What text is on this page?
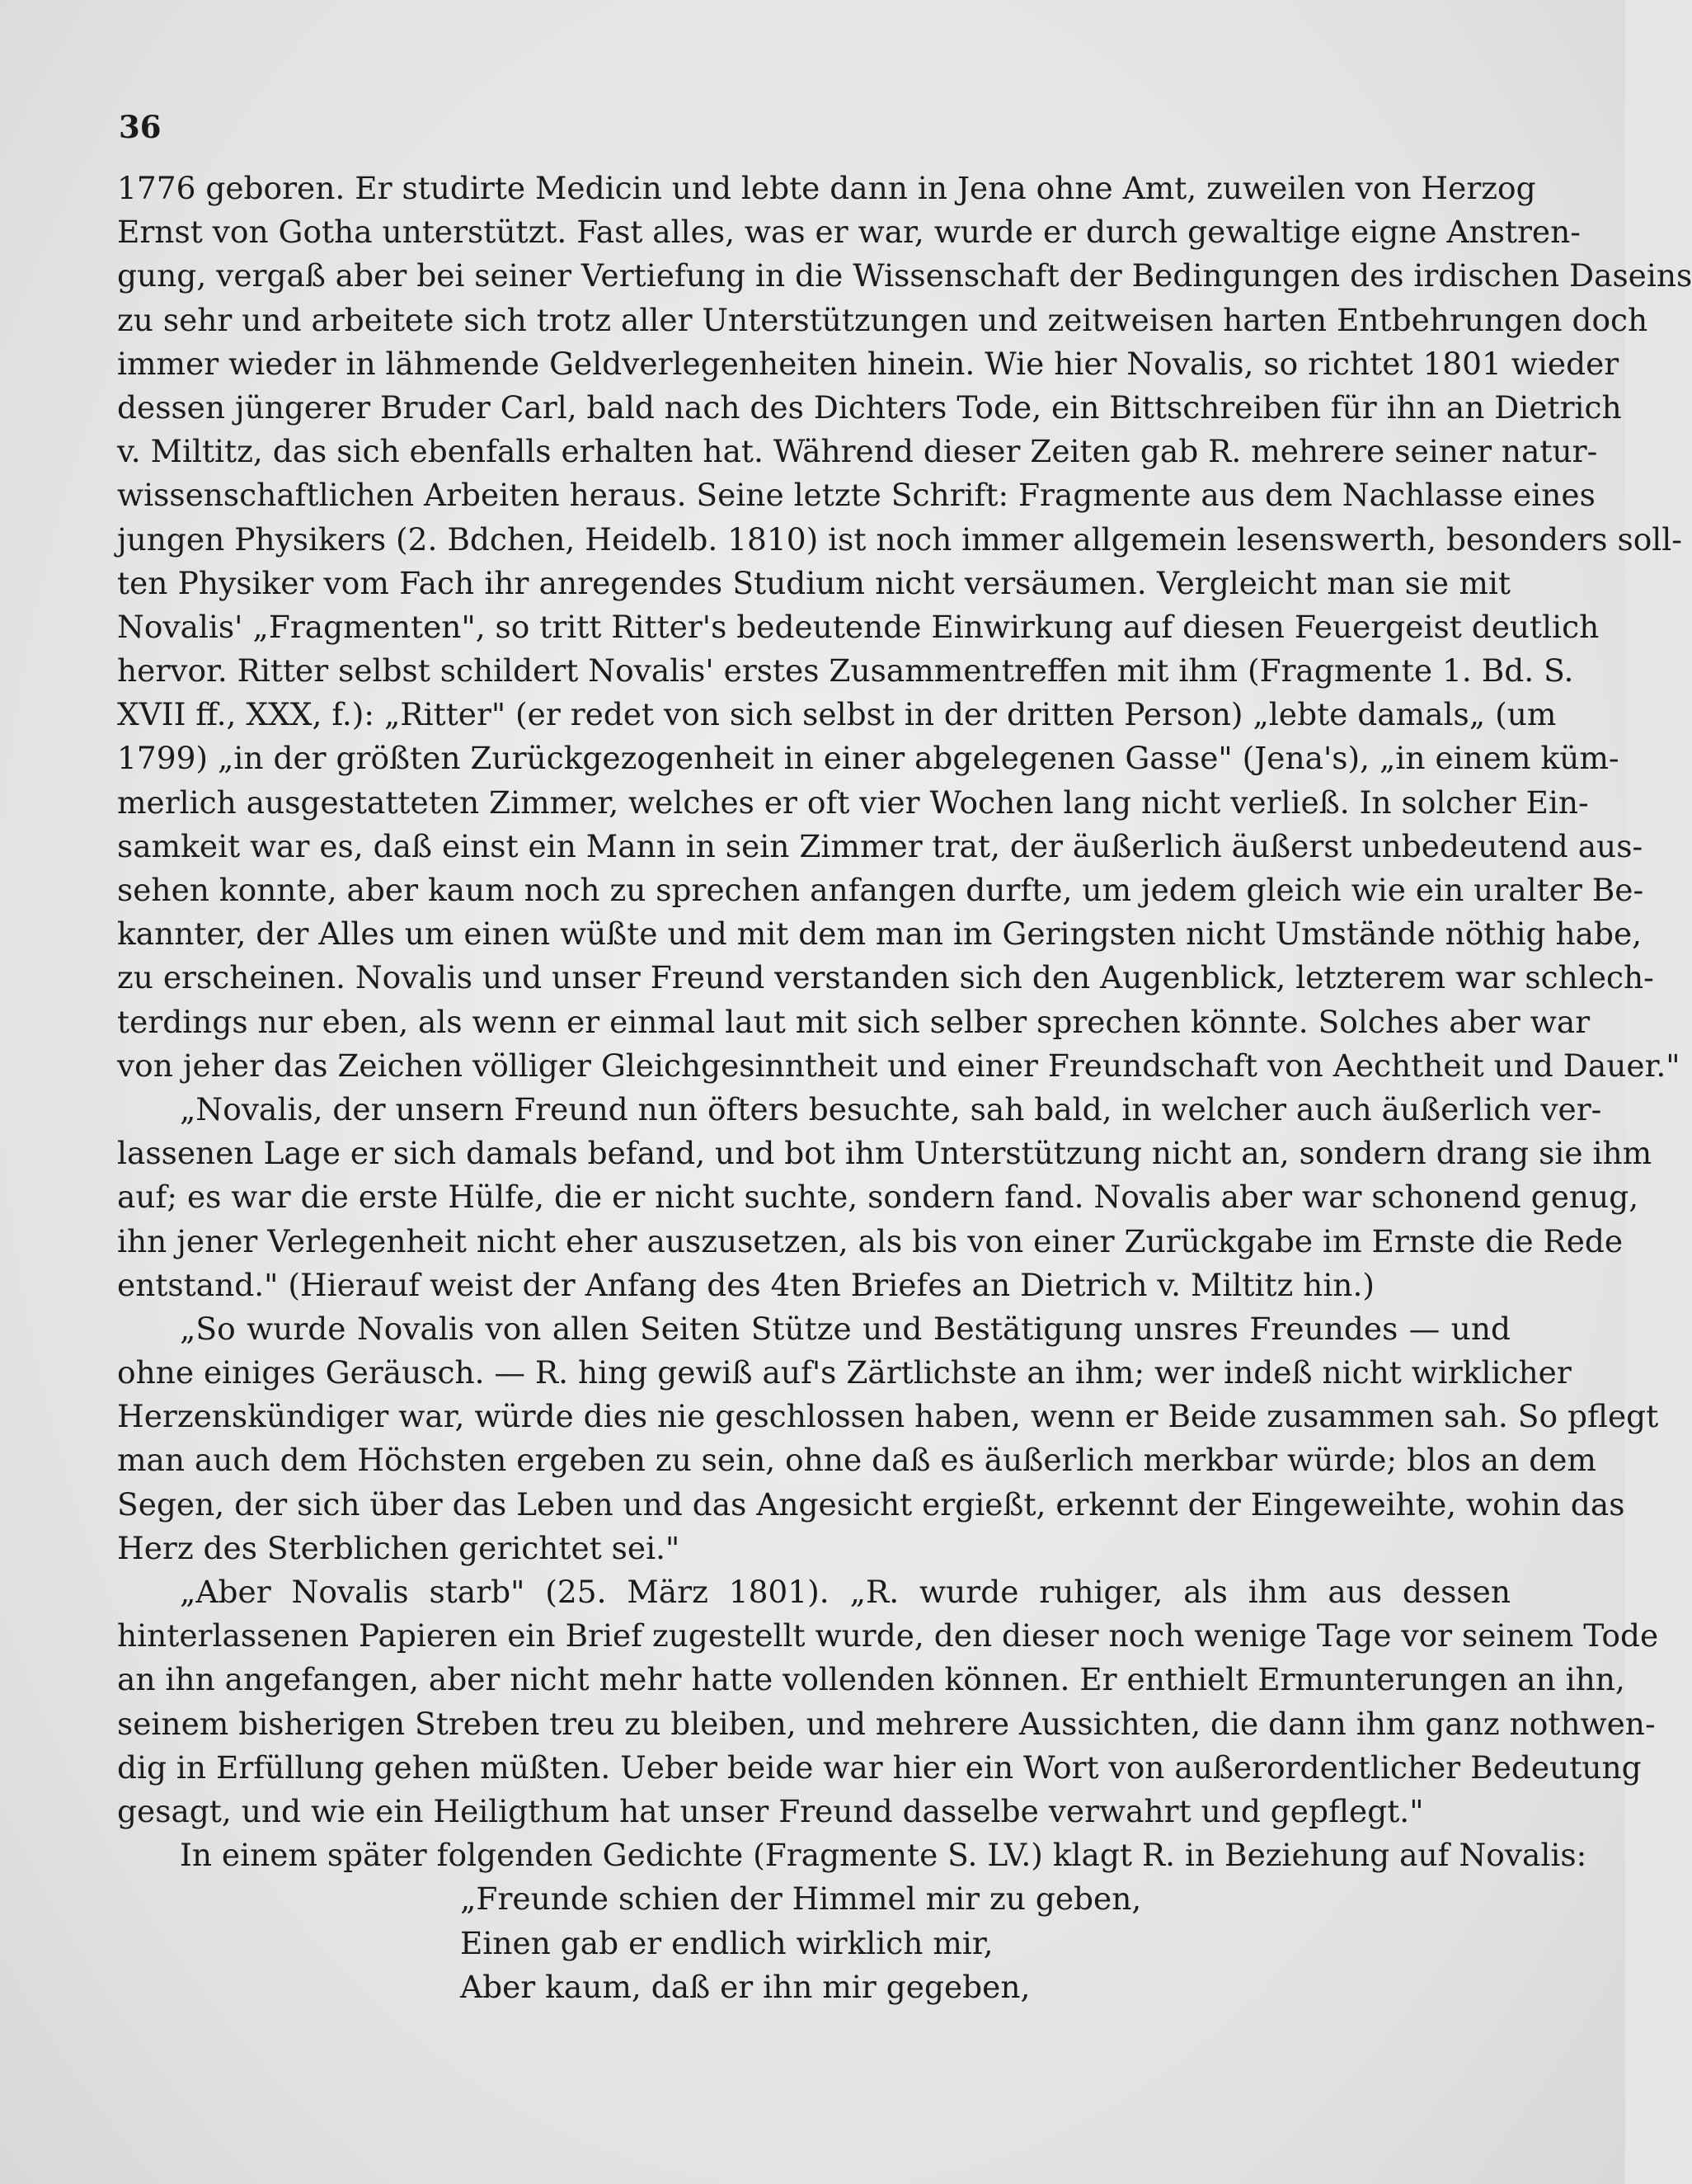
36
1776 geboren. Er studirte Medicin und lebte dann in Jena ohne Amt, zuweilen von Herzog
Ernst von Gotha unterstützt. Fast alles, was er war, wurde er durch gewaltige eigne Anstren-
gung, vergaß aber bei seiner Vertiefung in die Wissenschaft der Bedingungen des irdischen Daseins
zu sehr und arbeitete sich trotz aller Unterstützungen und zeitweisen harten Entbehrungen doch
immer wieder in lähmende Geldverlegenheiten hinein. Wie hier Novalis, so richtet 1801 wieder
dessen jüngerer Bruder Carl, bald nach des Dichters Tode, ein Bittschreiben für ihn an Dietrich
v. Miltitz, das sich ebenfalls erhalten hat. Während dieser Zeiten gab R. mehrere seiner natur-
wissenschaftlichen Arbeiten heraus. Seine letzte Schrift: Fragmente aus dem Nachlasse eines
jungen Physikers (2. Bdchen, Heidelb. 1810) ist noch immer allgemein lesenswerth, besonders soll-
ten Physiker vom Fach ihr anregendes Studium nicht versäumen. Vergleicht man sie mit
Novalis' „Fragmenten", so tritt Ritter's bedeutende Einwirkung auf diesen Feuergeist deutlich
hervor. Ritter selbst schildert Novalis' erstes Zusammentreffen mit ihm (Fragmente 1. Bd. S.
XVII ff., XXX, f.): „Ritter" (er redet von sich selbst in der dritten Person) „lebte damals„ (um
1799) „in der größten Zurückgezogenheit in einer abgelegenen Gasse" (Jena's), „in einem küm-
merlich ausgestatteten Zimmer, welches er oft vier Wochen lang nicht verließ. In solcher Ein-
samkeit war es, daß einst ein Mann in sein Zimmer trat, der äußerlich äußerst unbedeutend aus-
sehen konnte, aber kaum noch zu sprechen anfangen durfte, um jedem gleich wie ein uralter Be-
kannter, der Alles um einen wüßte und mit dem man im Geringsten nicht Umstände nöthig habe,
zu erscheinen. Novalis und unser Freund verstanden sich den Augenblick, letzterem war schlech-
terdings nur eben, als wenn er einmal laut mit sich selber sprechen könnte. Solches aber war
von jeher das Zeichen völliger Gleichgesinntheit und einer Freundschaft von Aechtheit und Dauer."
„Novalis, der unsern Freund nun öfters besuchte, sah bald, in welcher auch äußerlich ver-
lassenen Lage er sich damals befand, und bot ihm Unterstützung nicht an, sondern drang sie ihm
auf; es war die erste Hülfe, die er nicht suchte, sondern fand. Novalis aber war schonend genug,
ihn jener Verlegenheit nicht eher auszusetzen, als bis von einer Zurückgabe im Ernste die Rede
entstand." (Hierauf weist der Anfang des 4ten Briefes an Dietrich v. Miltitz hin.)
„So wurde Novalis von allen Seiten Stütze und Bestätigung unsres Freundes — und
ohne einiges Geräusch. — R. hing gewiß auf's Zärtlichste an ihm; wer indeß nicht wirklicher
Herzenskündiger war, würde dies nie geschlossen haben, wenn er Beide zusammen sah. So pflegt
man auch dem Höchsten ergeben zu sein, ohne daß es äußerlich merkbar würde; blos an dem
Segen, der sich über das Leben und das Angesicht ergießt, erkennt der Eingeweihte, wohin das
Herz des Sterblichen gerichtet sei."
„Aber Novalis starb" (25. März 1801). „R. wurde ruhiger, als ihm aus dessen
hinterlassenen Papieren ein Brief zugestellt wurde, den dieser noch wenige Tage vor seinem Tode
an ihn angefangen, aber nicht mehr hatte vollenden können. Er enthielt Ermunterungen an ihn,
seinem bisherigen Streben treu zu bleiben, und mehrere Aussichten, die dann ihm ganz nothwen-
dig in Erfüllung gehen müßten. Ueber beide war hier ein Wort von außerordentlicher Bedeutung
gesagt, und wie ein Heiligthum hat unser Freund dasselbe verwahrt und gepflegt."
In einem später folgenden Gedichte (Fragmente S. LV.) klagt R. in Beziehung auf Novalis:
„Freunde schien der Himmel mir zu geben,
Einen gab er endlich wirklich mir,
Aber kaum, daß er ihn mir gegeben,
